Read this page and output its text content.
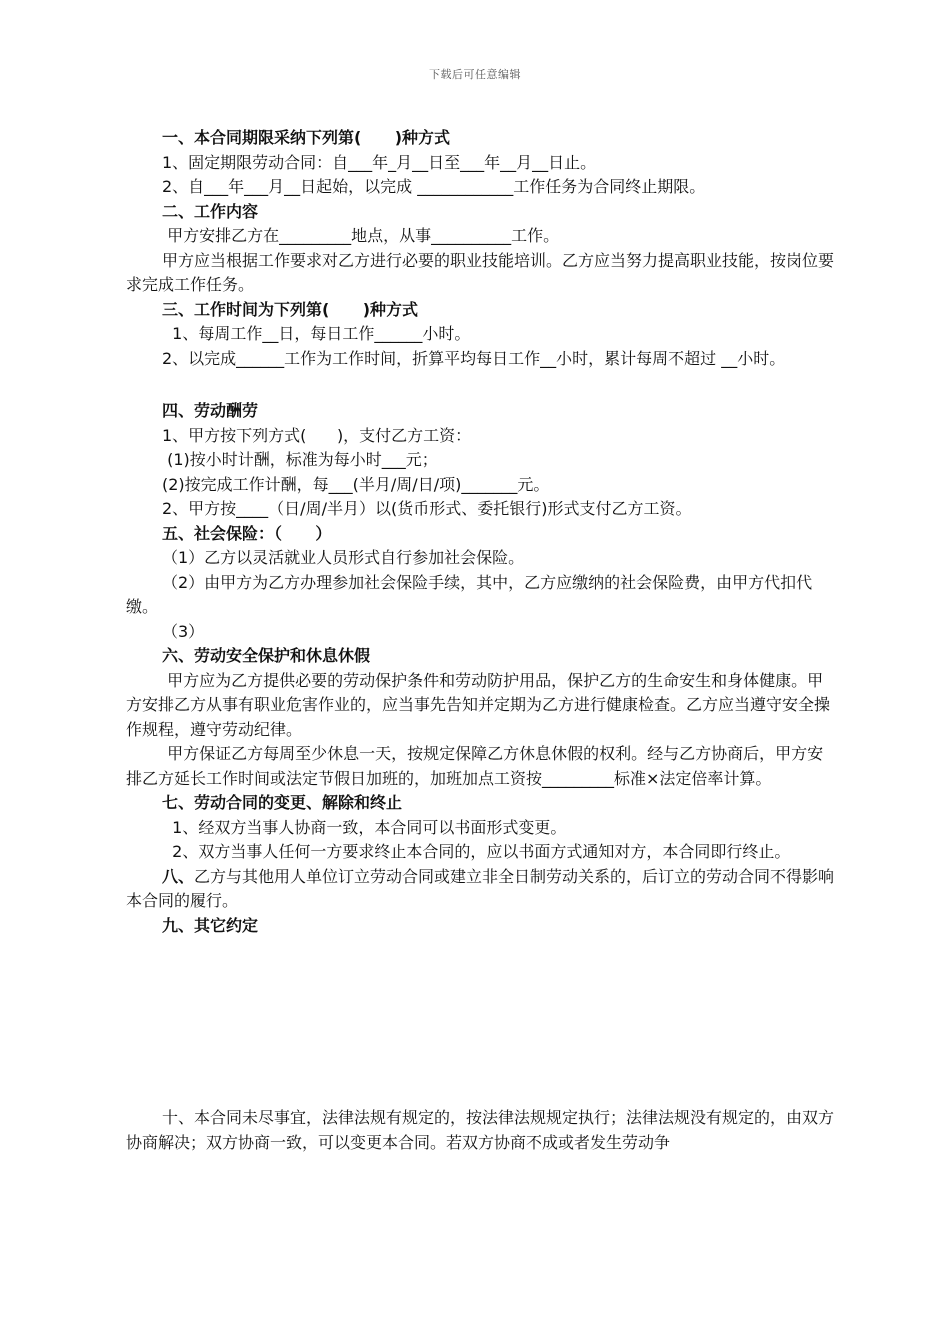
下载后可任意编辑
一、本合同期限采纳下列第(      )种方式
1、固定期限劳动合同：自___年_月__日至___年__月__日止。
2、自___年___月__日起始，以完成 ____________工作任务为合同终止期限。
二、工作内容
甲方安排乙方在_________地点，从事__________工作。
甲方应当根据工作要求对乙方进行必要的职业技能培训。乙方应当努力提高职业技能，按岗位要求完成工作任务。
三、工作时间为下列第(      )种方式
1、每周工作__日，每日工作______小时。
2、以完成______工作为工作时间，折算平均每日工作__小时，累计每周不超过 __小时。
四、劳动酬劳
1、甲方按下列方式(      )，支付乙方工资：
(1)按小时计酬，标准为每小时___元；
(2)按完成工作计酬，每___(半月/周/日/项)_______元。
2、甲方按____（日/周/半月）以(货币形式、委托银行)形式支付乙方工资。
五、社会保险：（      ）
（1）乙方以灵活就业人员形式自行参加社会保险。
（2）由甲方为乙方办理参加社会保险手续，其中，乙方应缴纳的社会保险费，由甲方代扣代缴。
（3）
六、劳动安全保护和休息休假
甲方应为乙方提供必要的劳动保护条件和劳动防护用品，保护乙方的生命安生和身体健康。甲方安排乙方从事有职业危害作业的，应当事先告知并定期为乙方进行健康检查。乙方应当遵守安全操作规程，遵守劳动纪律。
甲方保证乙方每周至少休息一天，按规定保障乙方休息休假的权利。经与乙方协商后，甲方安排乙方延长工作时间或法定节假日加班的，加班加点工资按_________标准×法定倍率计算。
七、劳动合同的变更、解除和终止
1、经双方当事人协商一致，本合同可以书面形式变更。
2、双方当事人任何一方要求终止本合同的，应以书面方式通知对方，本合同即行终止。
八、乙方与其他用人单位订立劳动合同或建立非全日制劳动关系的，后订立的劳动合同不得影响本合同的履行。
九、其它约定
十、本合同未尽事宜，法律法规有规定的，按法律法规规定执行；法律法规没有规定的，由双方协商解决；双方协商一致，可以变更本合同。若双方协商不成或者发生劳动争
